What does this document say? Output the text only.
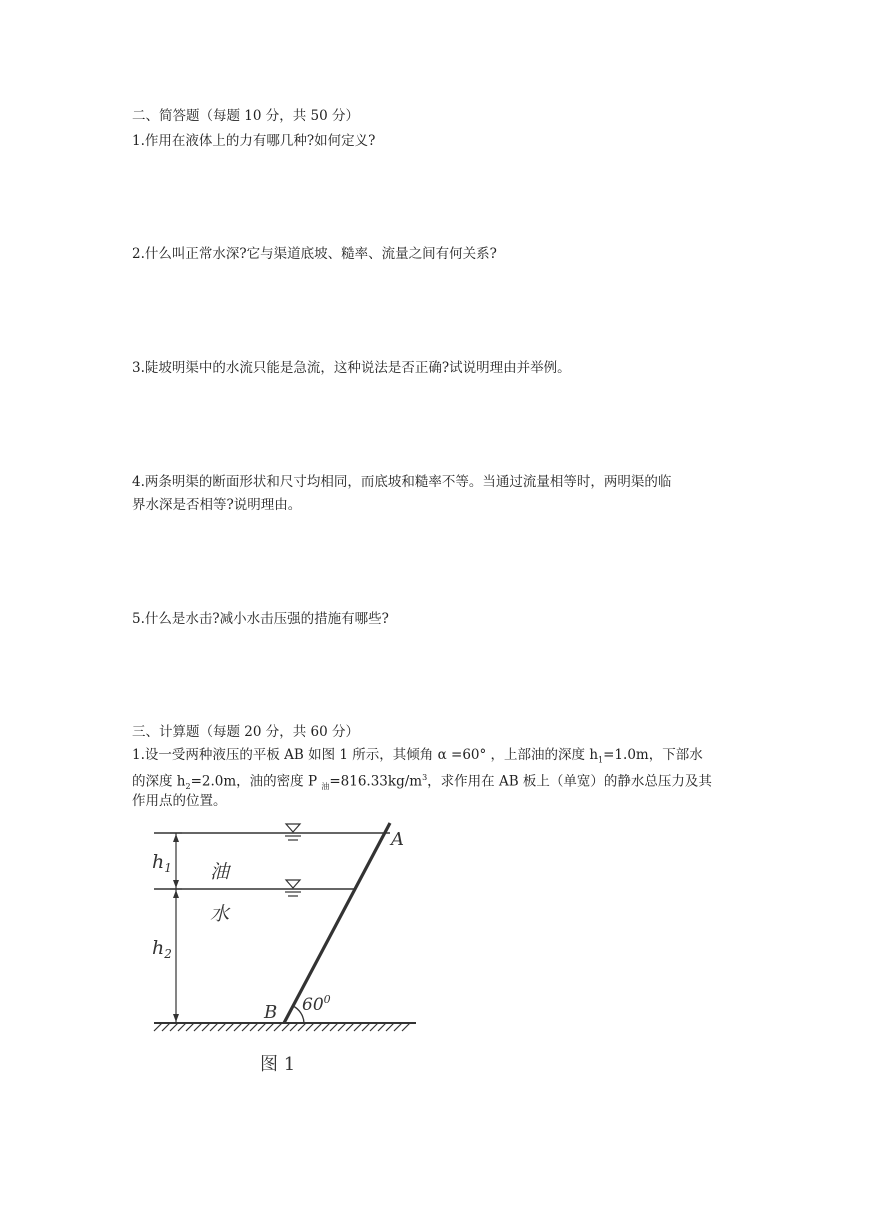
二、简答题（每题 10 分，共 50 分）
1.作用在液体上的力有哪几种?如何定义?
2.什么叫正常水深?它与渠道底坡、糙率、流量之间有何关系?
3.陡坡明渠中的水流只能是急流，这种说法是否正确?试说明理由并举例。
4.两条明渠的断面形状和尺寸均相同，而底坡和糙率不等。当通过流量相等时，两明渠的临
界水深是否相等?说明理由。
5.什么是水击?减小水击压强的措施有哪些?
三、计算题（每题 20 分，共 60 分）
1.设一受两种液压的平板 AB 如图 1 所示，其倾角 α =60° ，上部油的深度 $h_1=1.0m$，下部水
的深度 $h_2=2.0m$，油的密度 P $_油=816.33kg/m^3$，求作用在 AB 板上（单宽）的静水总压力及其
作用点的位置。
$h_1$
$h_2$
油
水
A
B $60^0$
图 1
